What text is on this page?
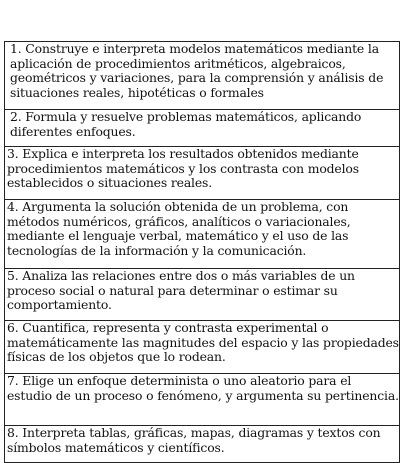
1. Construye e interpreta modelos matemáticos mediante la aplicación de procedimientos aritméticos, algebraicos, geométricos y variaciones, para la comprensión y análisis de situaciones reales, hipotéticas o formales
2. Formula y resuelve problemas matemáticos, aplicando diferentes enfoques.
3. Explica e interpreta los resultados obtenidos mediante procedimientos matemáticos y los contrasta con modelos establecidos o situaciones reales.
4. Argumenta la solución obtenida de un problema, con métodos numéricos, gráficos, analíticos o variacionales, mediante el lenguaje verbal, matemático y el uso de las tecnologías de la información y la comunicación.
5. Analiza las relaciones entre dos o más variables de un proceso social o natural para determinar o estimar su comportamiento.
6. Cuantifica, representa y contrasta experimental o matemáticamente las magnitudes del espacio y las propiedades físicas de los objetos que lo rodean.
7. Elige un enfoque determinista o uno aleatorio para el estudio de un proceso o fenómeno, y argumenta su pertinencia.
8. Interpreta tablas, gráficas, mapas, diagramas y textos con símbolos matemáticos y científicos.
